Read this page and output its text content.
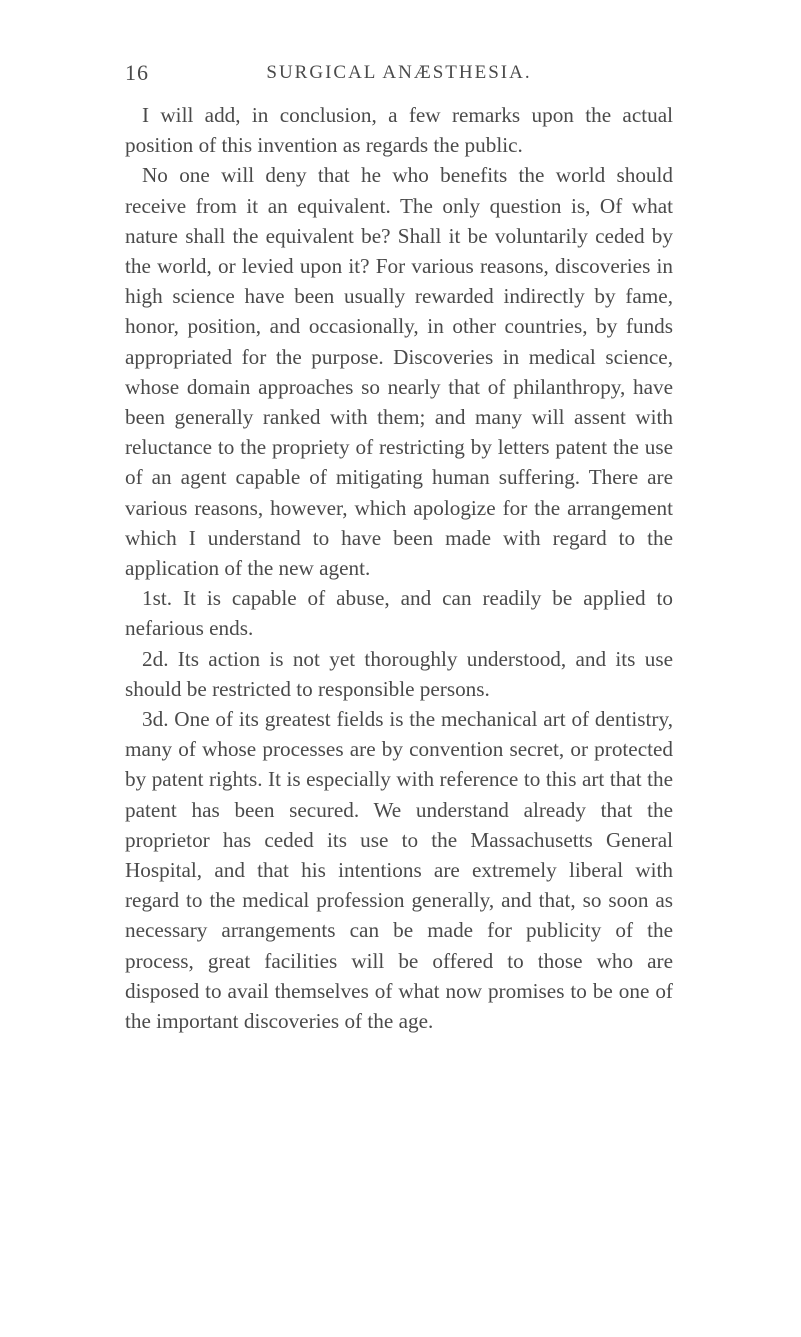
16	SURGICAL ANÆSTHESIA.

I will add, in conclusion, a few remarks upon the actual position of this invention as regards the public.

No one will deny that he who benefits the world should receive from it an equivalent. The only question is, Of what nature shall the equivalent be? Shall it be voluntarily ceded by the world, or levied upon it? For various reasons, discoveries in high science have been usually rewarded indirectly by fame, honor, position, and occasionally, in other countries, by funds appropriated for the purpose. Discoveries in medical science, whose domain approaches so nearly that of philanthropy, have been generally ranked with them; and many will assent with reluctance to the propriety of restricting by letters patent the use of an agent capable of mitigating human suffering. There are various reasons, however, which apologize for the arrangement which I understand to have been made with regard to the application of the new agent.

1st. It is capable of abuse, and can readily be applied to nefarious ends.

2d. Its action is not yet thoroughly understood, and its use should be restricted to responsible persons.

3d. One of its greatest fields is the mechanical art of dentistry, many of whose processes are by convention secret, or protected by patent rights. It is especially with reference to this art that the patent has been secured. We understand already that the proprietor has ceded its use to the Massachusetts General Hospital, and that his intentions are extremely liberal with regard to the medical profession generally, and that, so soon as necessary arrangements can be made for publicity of the process, great facilities will be offered to those who are disposed to avail themselves of what now promises to be one of the important discoveries of the age.
